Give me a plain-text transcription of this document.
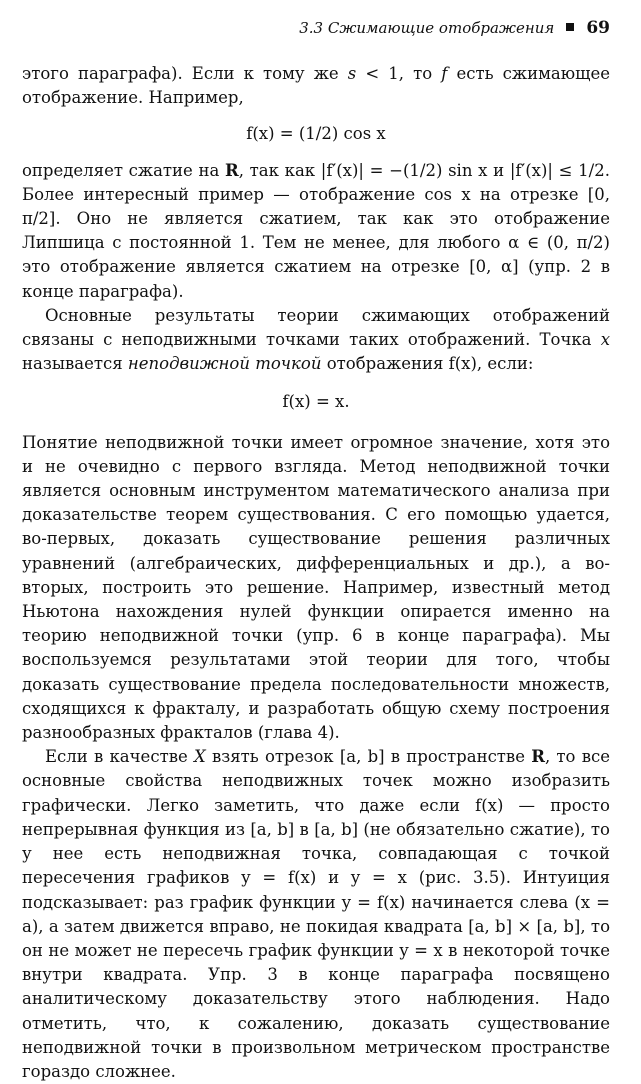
3.3 Сжимающие отображения 69

этого параграфа). Если к тому же s < 1, то f есть сжимающее отображение. Например,

f(x) = (1/2) cos x

определяет сжатие на R, так как |f′(x)| = −(1/2) sin x и |f′(x)| ≤ 1/2. Более интересный пример — отображение cos x на отрезке [0, π/2]. Оно не является сжатием, так как это отображение Липшица с постоянной 1. Тем не менее, для любого α ∈ (0, π/2) это отображение является сжатием на отрезке [0, α] (упр. 2 в конце параграфа).

Основные результаты теории сжимающих отображений связаны с неподвижными точками таких отображений. Точка x называется неподвижной точкой отображения f(x), если:

f(x) = x.

Понятие неподвижной точки имеет огромное значение, хотя это и не очевидно с первого взгляда. Метод неподвижной точки является основным инструментом математического анализа при доказательстве теорем существования. С его помощью удается, во-первых, доказать существование решения различных уравнений (алгебраических, дифференциальных и др.), а во-вторых, построить это решение. Например, известный метод Ньютона нахождения нулей функции опирается именно на теорию неподвижной точки (упр. 6 в конце параграфа). Мы воспользуемся результатами этой теории для того, чтобы доказать существование предела последовательности множеств, сходящихся к фракталу, и разработать общую схему построения разнообразных фракталов (глава 4).

Если в качестве X взять отрезок [a, b] в пространстве R, то все основные свойства неподвижных точек можно изобразить графически. Легко заметить, что даже если f(x) — просто непрерывная функция из [a, b] в [a, b] (не обязательно сжатие), то у нее есть неподвижная точка, совпадающая с точкой пересечения графиков y = f(x) и y = x (рис. 3.5). Интуиция подсказывает: раз график функции y = f(x) начинается слева (x = a), а затем движется вправо, не покидая квадрата [a, b] × [a, b], то он не может не пересечь график функции y = x в некоторой точке внутри квадрата. Упр. 3 в конце параграфа посвящено аналитическому доказательству этого наблюдения. Надо отметить, что, к сожалению, доказать существование неподвижной точки в произвольном метрическом пространстве гораздо сложнее.
